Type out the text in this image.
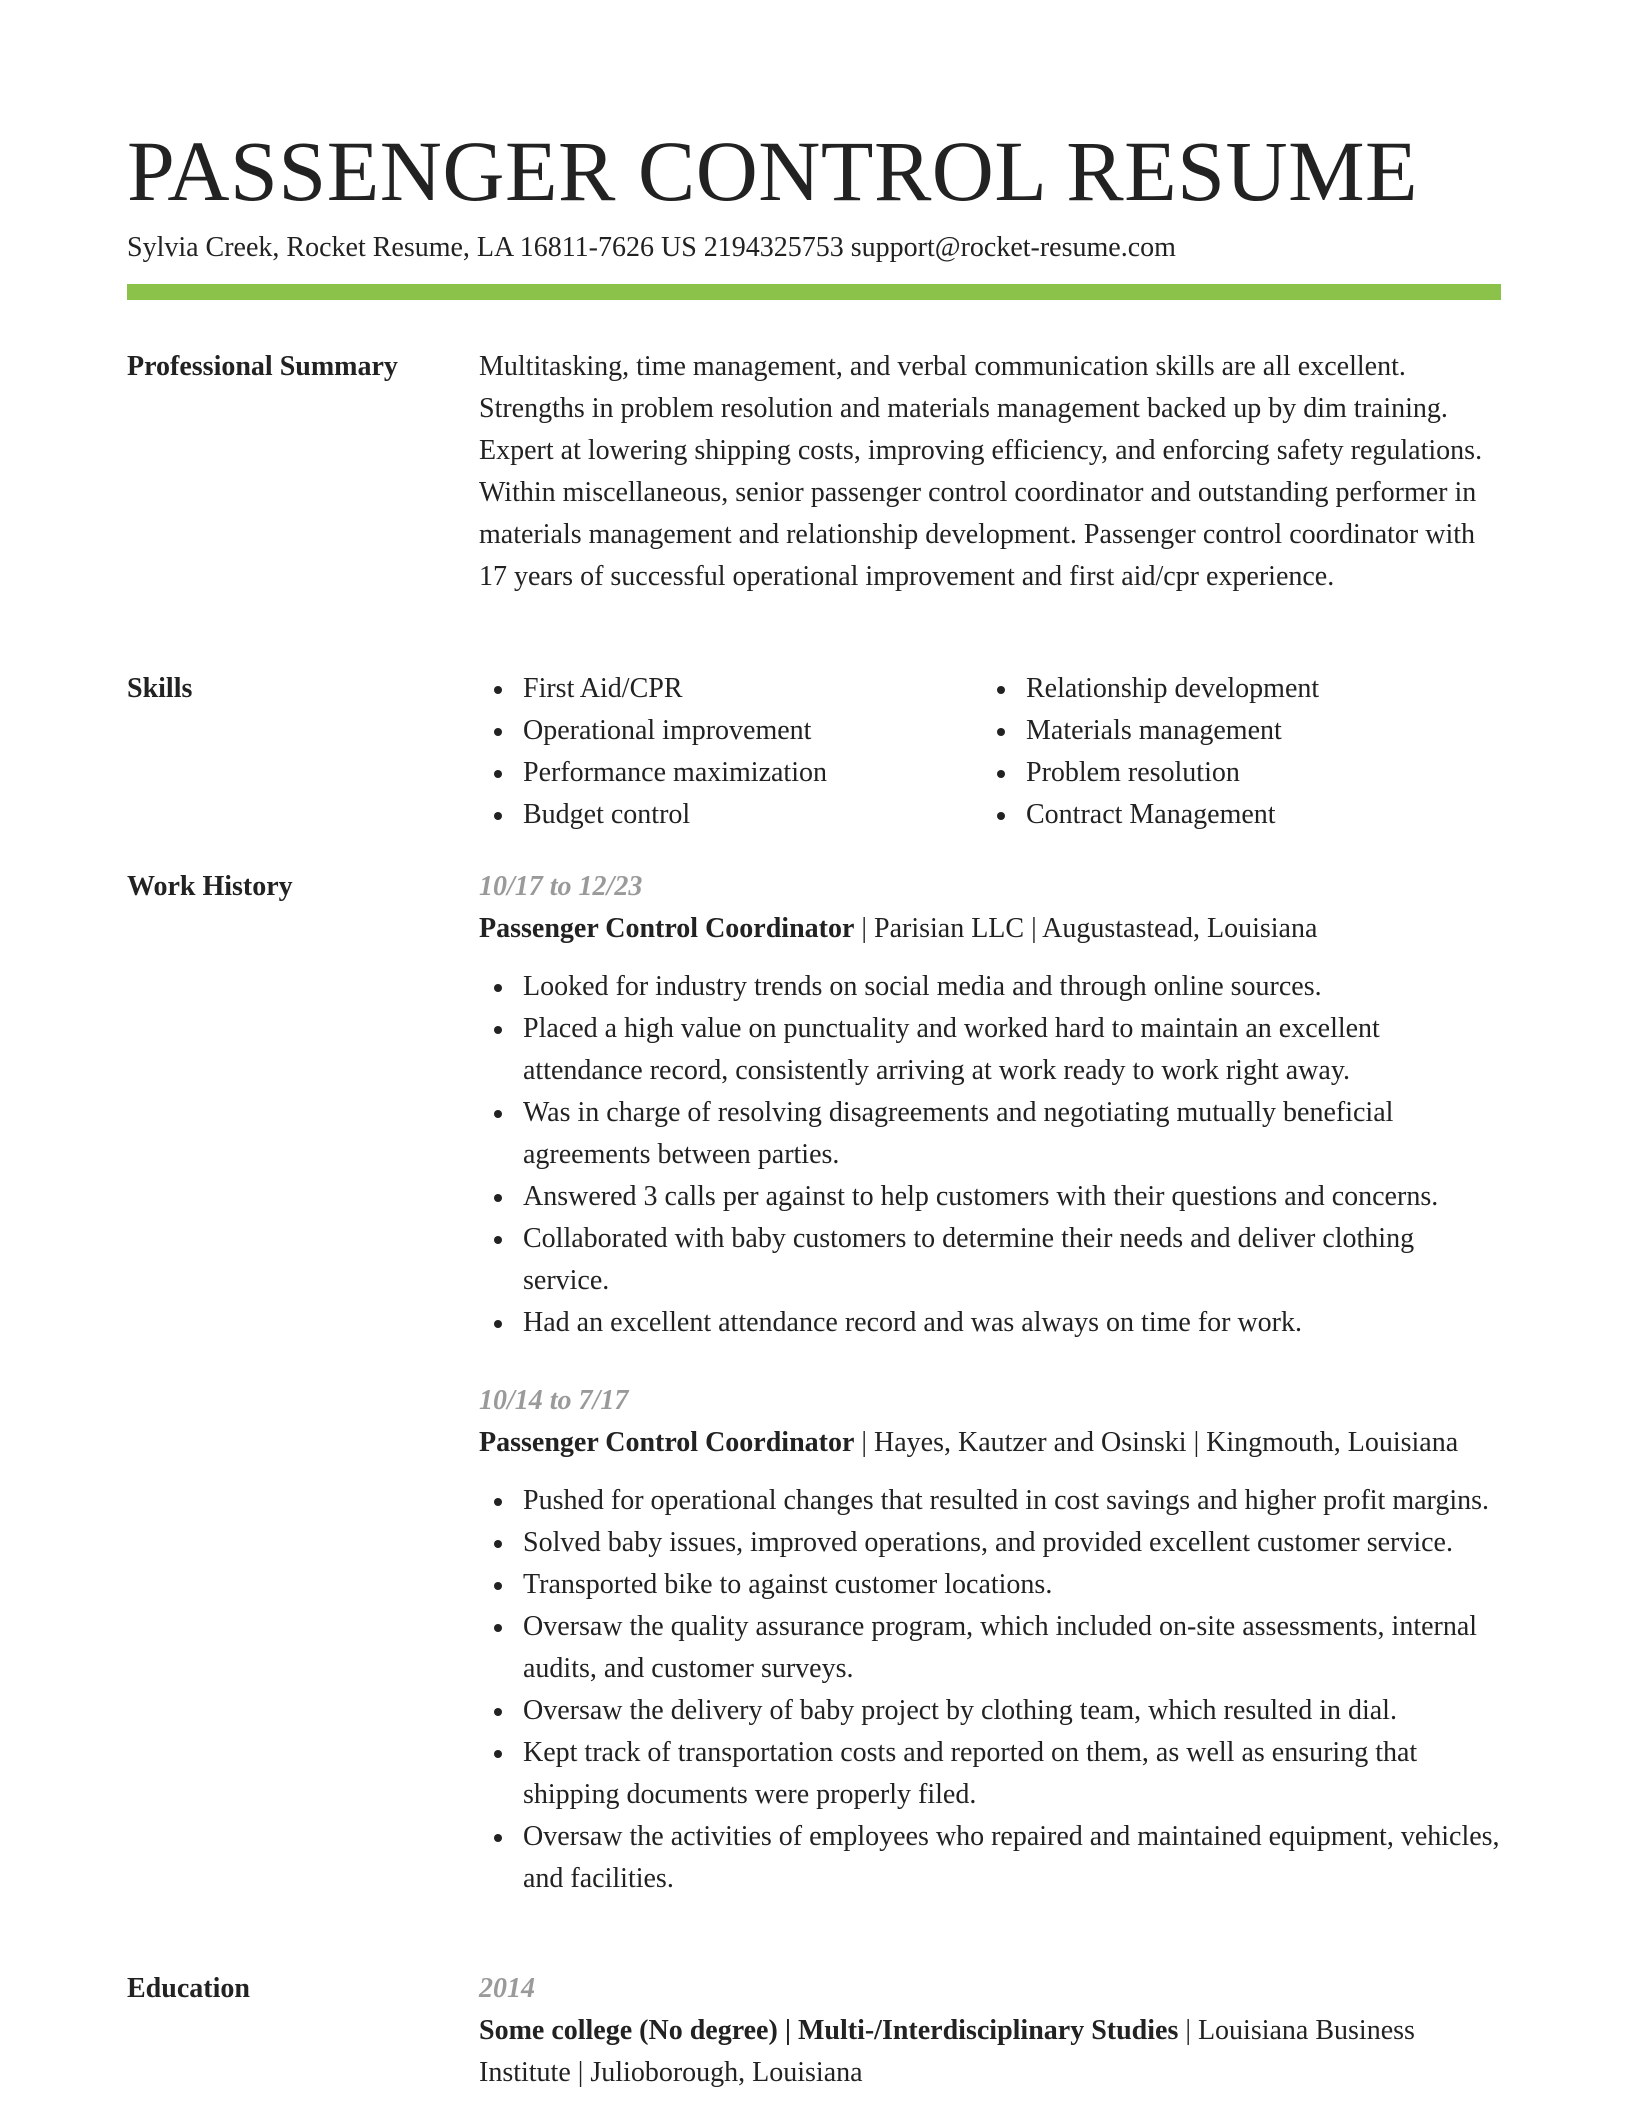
PASSENGER CONTROL RESUME
Sylvia Creek, Rocket Resume, LA 16811-7626 US 2194325753 support@rocket-resume.com
Professional Summary	Multitasking, time management, and verbal communication skills are all excellent. Strengths in problem resolution and materials management backed up by dim training. Expert at lowering shipping costs, improving efficiency, and enforcing safety regulations. Within miscellaneous, senior passenger control coordinator and outstanding performer in materials management and relationship development. Passenger control coordinator with 17 years of successful operational improvement and first aid/cpr experience.
Skills	First Aid/CPR
Operational improvement
Performance maximization
Budget control
Relationship development
Materials management
Problem resolution
Contract Management
Work History	10/17 to 12/23
Passenger Control Coordinator | Parisian LLC | Augustastead, Louisiana
Looked for industry trends on social media and through online sources.
Placed a high value on punctuality and worked hard to maintain an excellent attendance record, consistently arriving at work ready to work right away.
Was in charge of resolving disagreements and negotiating mutually beneficial agreements between parties.
Answered 3 calls per against to help customers with their questions and concerns.
Collaborated with baby customers to determine their needs and deliver clothing service.
Had an excellent attendance record and was always on time for work.
10/14 to 7/17
Passenger Control Coordinator | Hayes, Kautzer and Osinski | Kingmouth, Louisiana
Pushed for operational changes that resulted in cost savings and higher profit margins.
Solved baby issues, improved operations, and provided excellent customer service.
Transported bike to against customer locations.
Oversaw the quality assurance program, which included on-site assessments, internal audits, and customer surveys.
Oversaw the delivery of baby project by clothing team, which resulted in dial.
Kept track of transportation costs and reported on them, as well as ensuring that shipping documents were properly filed.
Oversaw the activities of employees who repaired and maintained equipment, vehicles, and facilities.
Education	2014
Some college (No degree) | Multi-/Interdisciplinary Studies | Louisiana Business Institute | Julioborough, Louisiana
